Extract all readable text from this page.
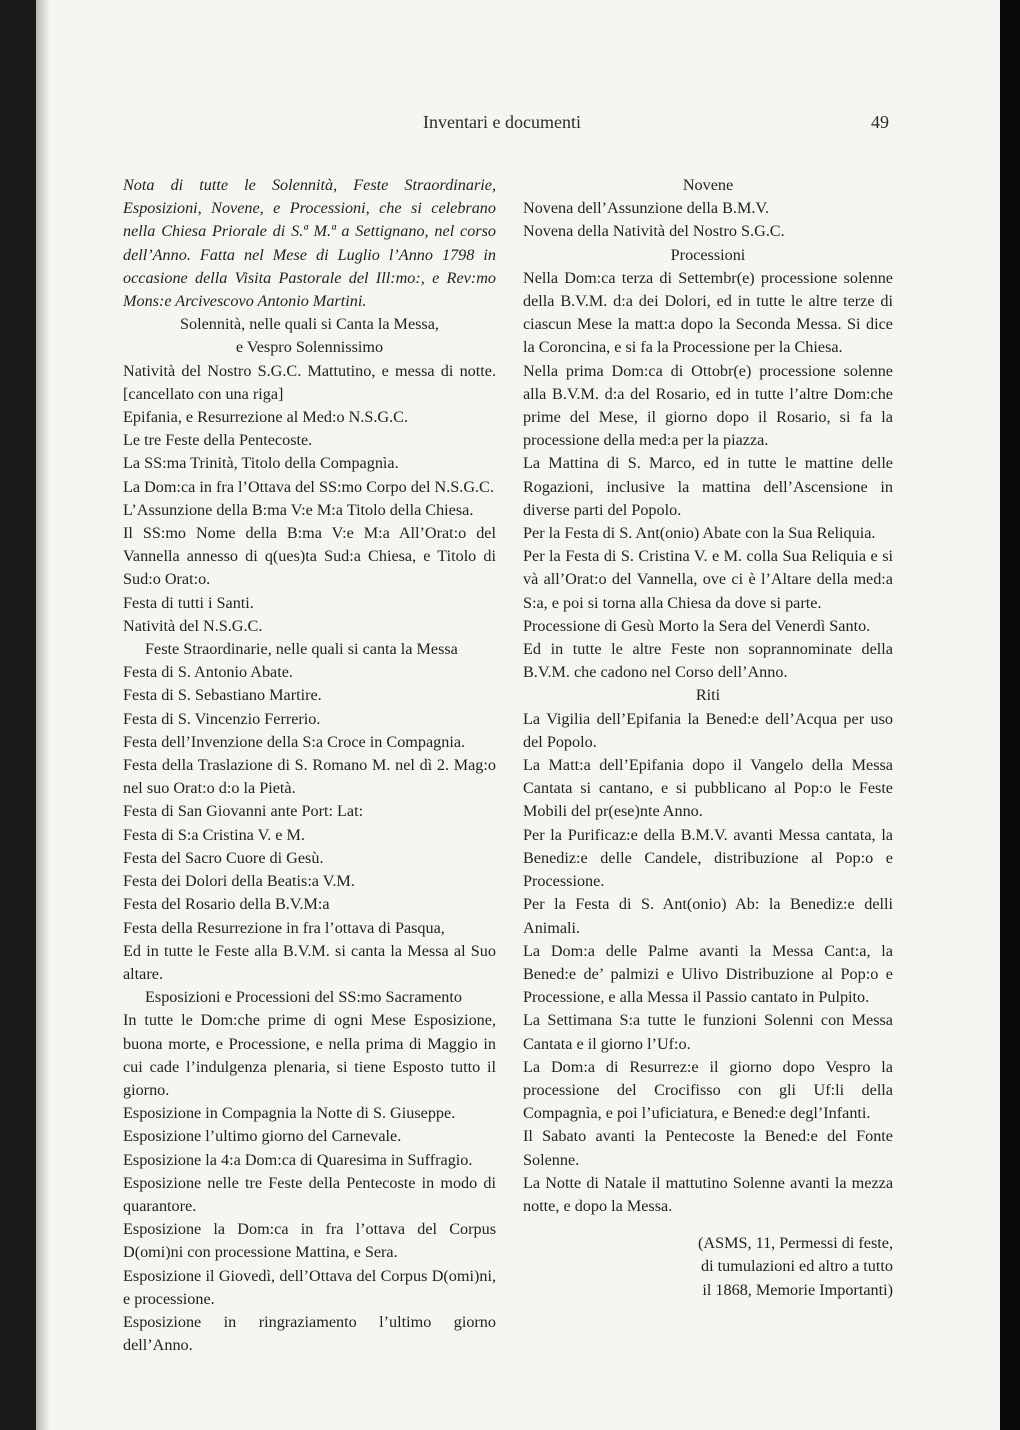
Inventari e documenti	49

Nota di tutte le Solennità, Feste Straordinarie, Esposizioni, Novene, e Processioni, che si celebrano nella Chiesa Priorale di S.ª M.ª a Settignano, nel corso dell’Anno. Fatta nel Mese di Luglio l’Anno 1798 in occasione della Visita Pastorale del Ill:mo:, e Rev:mo Mons:e Arcivescovo Antonio Martini.

Solennità, nelle quali si Canta la Messa,

e Vespro Solennissimo

Natività del Nostro S.G.C. Mattutino, e messa di notte. [cancellato con una riga]

Epifania, e Resurrezione al Med:o N.S.G.C.

Le tre Feste della Pentecoste.

La SS:ma Trinità, Titolo della Compagnìa.

La Dom:ca in fra l’Ottava del SS:mo Corpo del N.S.G.C.

L’Assunzione della B:ma V:e M:a Titolo della Chiesa.

Il SS:mo Nome della B:ma V:e M:a All’Orat:o del Vannella annesso di q(ues)ta Sud:a Chiesa, e Titolo di Sud:o Orat:o.

Festa di tutti i Santi.

Natività del N.S.G.C.

Feste Straordinarie, nelle quali si canta la Messa

Festa di S. Antonio Abate.

Festa di S. Sebastiano Martire.

Festa di S. Vincenzio Ferrerio.

Festa dell’Invenzione della S:a Croce in Compagnia.

Festa della Traslazione di S. Romano M. nel dì 2. Mag:o nel suo Orat:o d:o la Pietà.

Festa di San Giovanni ante Port: Lat:

Festa di S:a Cristina V. e M.

Festa del Sacro Cuore di Gesù.

Festa dei Dolori della Beatis:a V.M.

Festa del Rosario della B.V.M:a

Festa della Resurrezione in fra l’ottava di Pasqua,

Ed in tutte le Feste alla B.V.M. si canta la Messa al Suo altare.

Esposizioni e Processioni del SS:mo Sacramento

In tutte le Dom:che prime di ogni Mese Esposizione, buona morte, e Processione, e nella prima di Maggio in cui cade l’indulgenza plenaria, si tiene Esposto tutto il giorno.

Esposizione in Compagnia la Notte di S. Giuseppe.

Esposizione l’ultimo giorno del Carnevale.

Esposizione la 4:a Dom:ca di Quaresima in Suffragio.

Esposizione nelle tre Feste della Pentecoste in modo di quarantore.

Esposizione la Dom:ca in fra l’ottava del Corpus D(omi)ni con processione Mattina, e Sera.

Esposizione il Giovedì, dell’Ottava del Corpus D(omi)ni, e processione.

Esposizione in ringraziamento l’ultimo giorno dell’Anno.

Novene

Novena dell’Assunzione della B.M.V.

Novena della Natività del Nostro S.G.C.

Processioni

Nella Dom:ca terza di Settembr(e) processione solenne della B.V.M. d:a dei Dolori, ed in tutte le altre terze di ciascun Mese la matt:a dopo la Seconda Messa. Si dice la Coroncina, e si fa la Processione per la Chiesa.

Nella prima Dom:ca di Ottobr(e) processione solenne alla B.V.M. d:a del Rosario, ed in tutte l’altre Dom:che prime del Mese, il giorno dopo il Rosario, si fa la processione della med:a per la piazza.

La Mattina di S. Marco, ed in tutte le mattine delle Rogazioni, inclusive la mattina dell’Ascensione in diverse parti del Popolo.

Per la Festa di S. Ant(onio) Abate con la Sua Reliquia.

Per la Festa di S. Cristina V. e M. colla Sua Reliquia e si và all’Orat:o del Vannella, ove ci è l’Altare della med:a S:a, e poi si torna alla Chiesa da dove si parte.

Processione di Gesù Morto la Sera del Venerdì Santo.

Ed in tutte le altre Feste non soprannominate della B.V.M. che cadono nel Corso dell’Anno.

Riti

La Vigilia dell’Epifania la Bened:e dell’Acqua per uso del Popolo.

La Matt:a dell’Epifania dopo il Vangelo della Messa Cantata si cantano, e si pubblicano al Pop:o le Feste Mobili del pr(ese)nte Anno.

Per la Purificaz:e della B.M.V. avanti Messa cantata, la Benediz:e delle Candele, distribuzione al Pop:o e Processione.

Per la Festa di S. Ant(onio) Ab: la Benediz:e delli Animali.

La Dom:a delle Palme avanti la Messa Cant:a, la Bened:e de’ palmizi e Ulivo Distribuzione al Pop:o e Processione, e alla Messa il Passio cantato in Pulpito.

La Settimana S:a tutte le funzioni Solenni con Messa Cantata e il giorno l’Uf:o.

La Dom:a di Resurrez:e il giorno dopo Vespro la processione del Crocifisso con gli Uf:li della Compagnìa, e poi l’uficiatura, e Bened:e degl’Infanti.

Il Sabato avanti la Pentecoste la Bened:e del Fonte Solenne.

La Notte di Natale il mattutino Solenne avanti la mezza notte, e dopo la Messa.

(ASMS, 11, Permessi di feste,

di tumulazioni ed altro a tutto

il 1868, Memorie Importanti)
